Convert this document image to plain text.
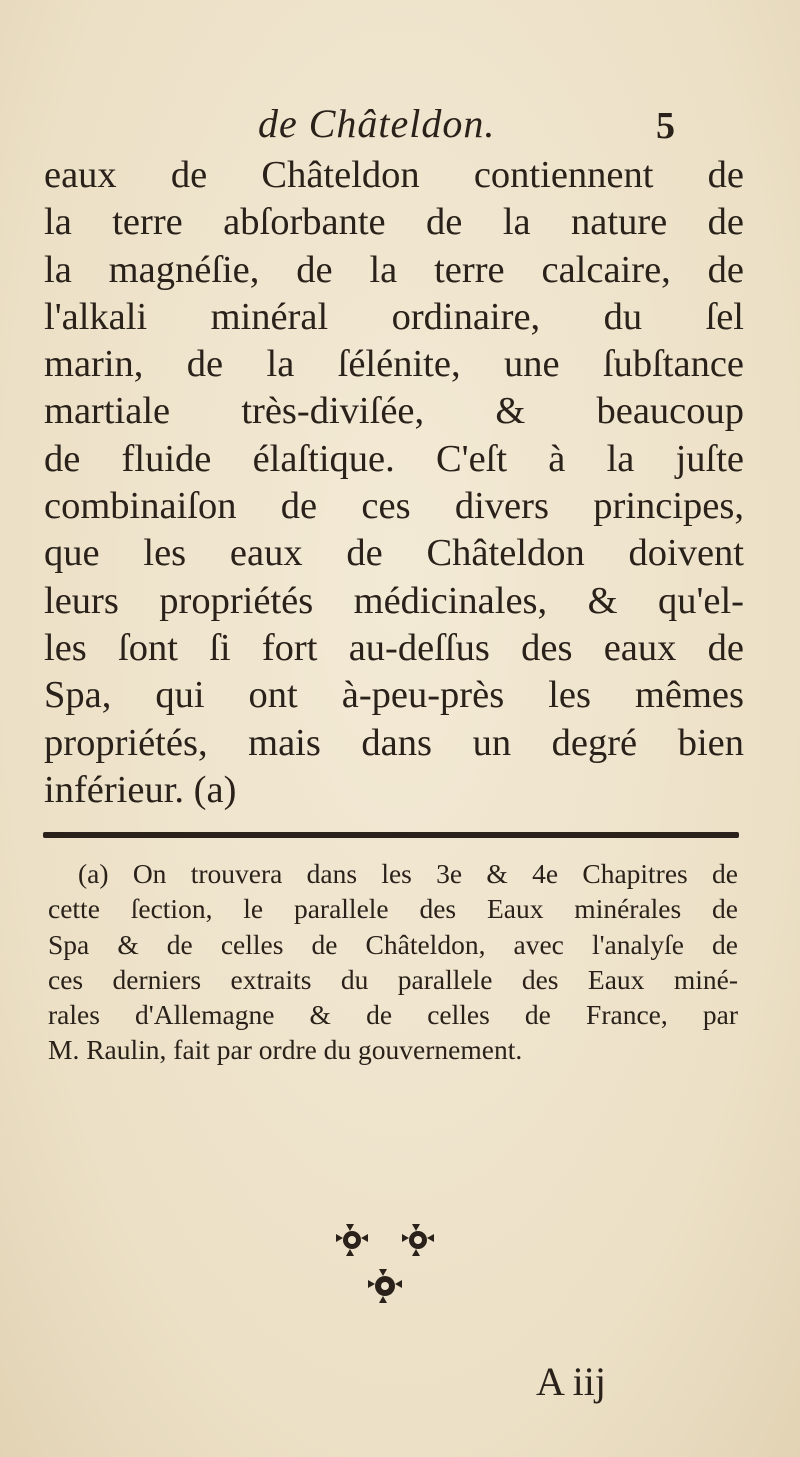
de Châteldon.	5
eaux de Châteldon contiennent de
la terre abſorbante de la nature de
la magnéſie, de la terre calcaire, de
l'alkali minéral ordinaire, du ſel
marin, de la ſélénite, une ſubſtance
martiale très-diviſée, & beaucoup
de fluide élaſtique. C'eſt à la juſte
combinaiſon de ces divers principes,
que les eaux de Châteldon doivent
leurs propriétés médicinales, & qu'el-
les ſont ſi fort au-deſſus des eaux de
Spa, qui ont à-peu-près les mêmes
propriétés, mais dans un degré bien
inférieur. (a)
(a) On trouvera dans les 3e & 4e Chapitres de
cette ſection, le parallele des Eaux minérales de
Spa & de celles de Châteldon, avec l'analyſe de
ces derniers extraits du parallele des Eaux miné-
rales d'Allemagne & de celles de France, par
M. Raulin, fait par ordre du gouvernement.
A iij
